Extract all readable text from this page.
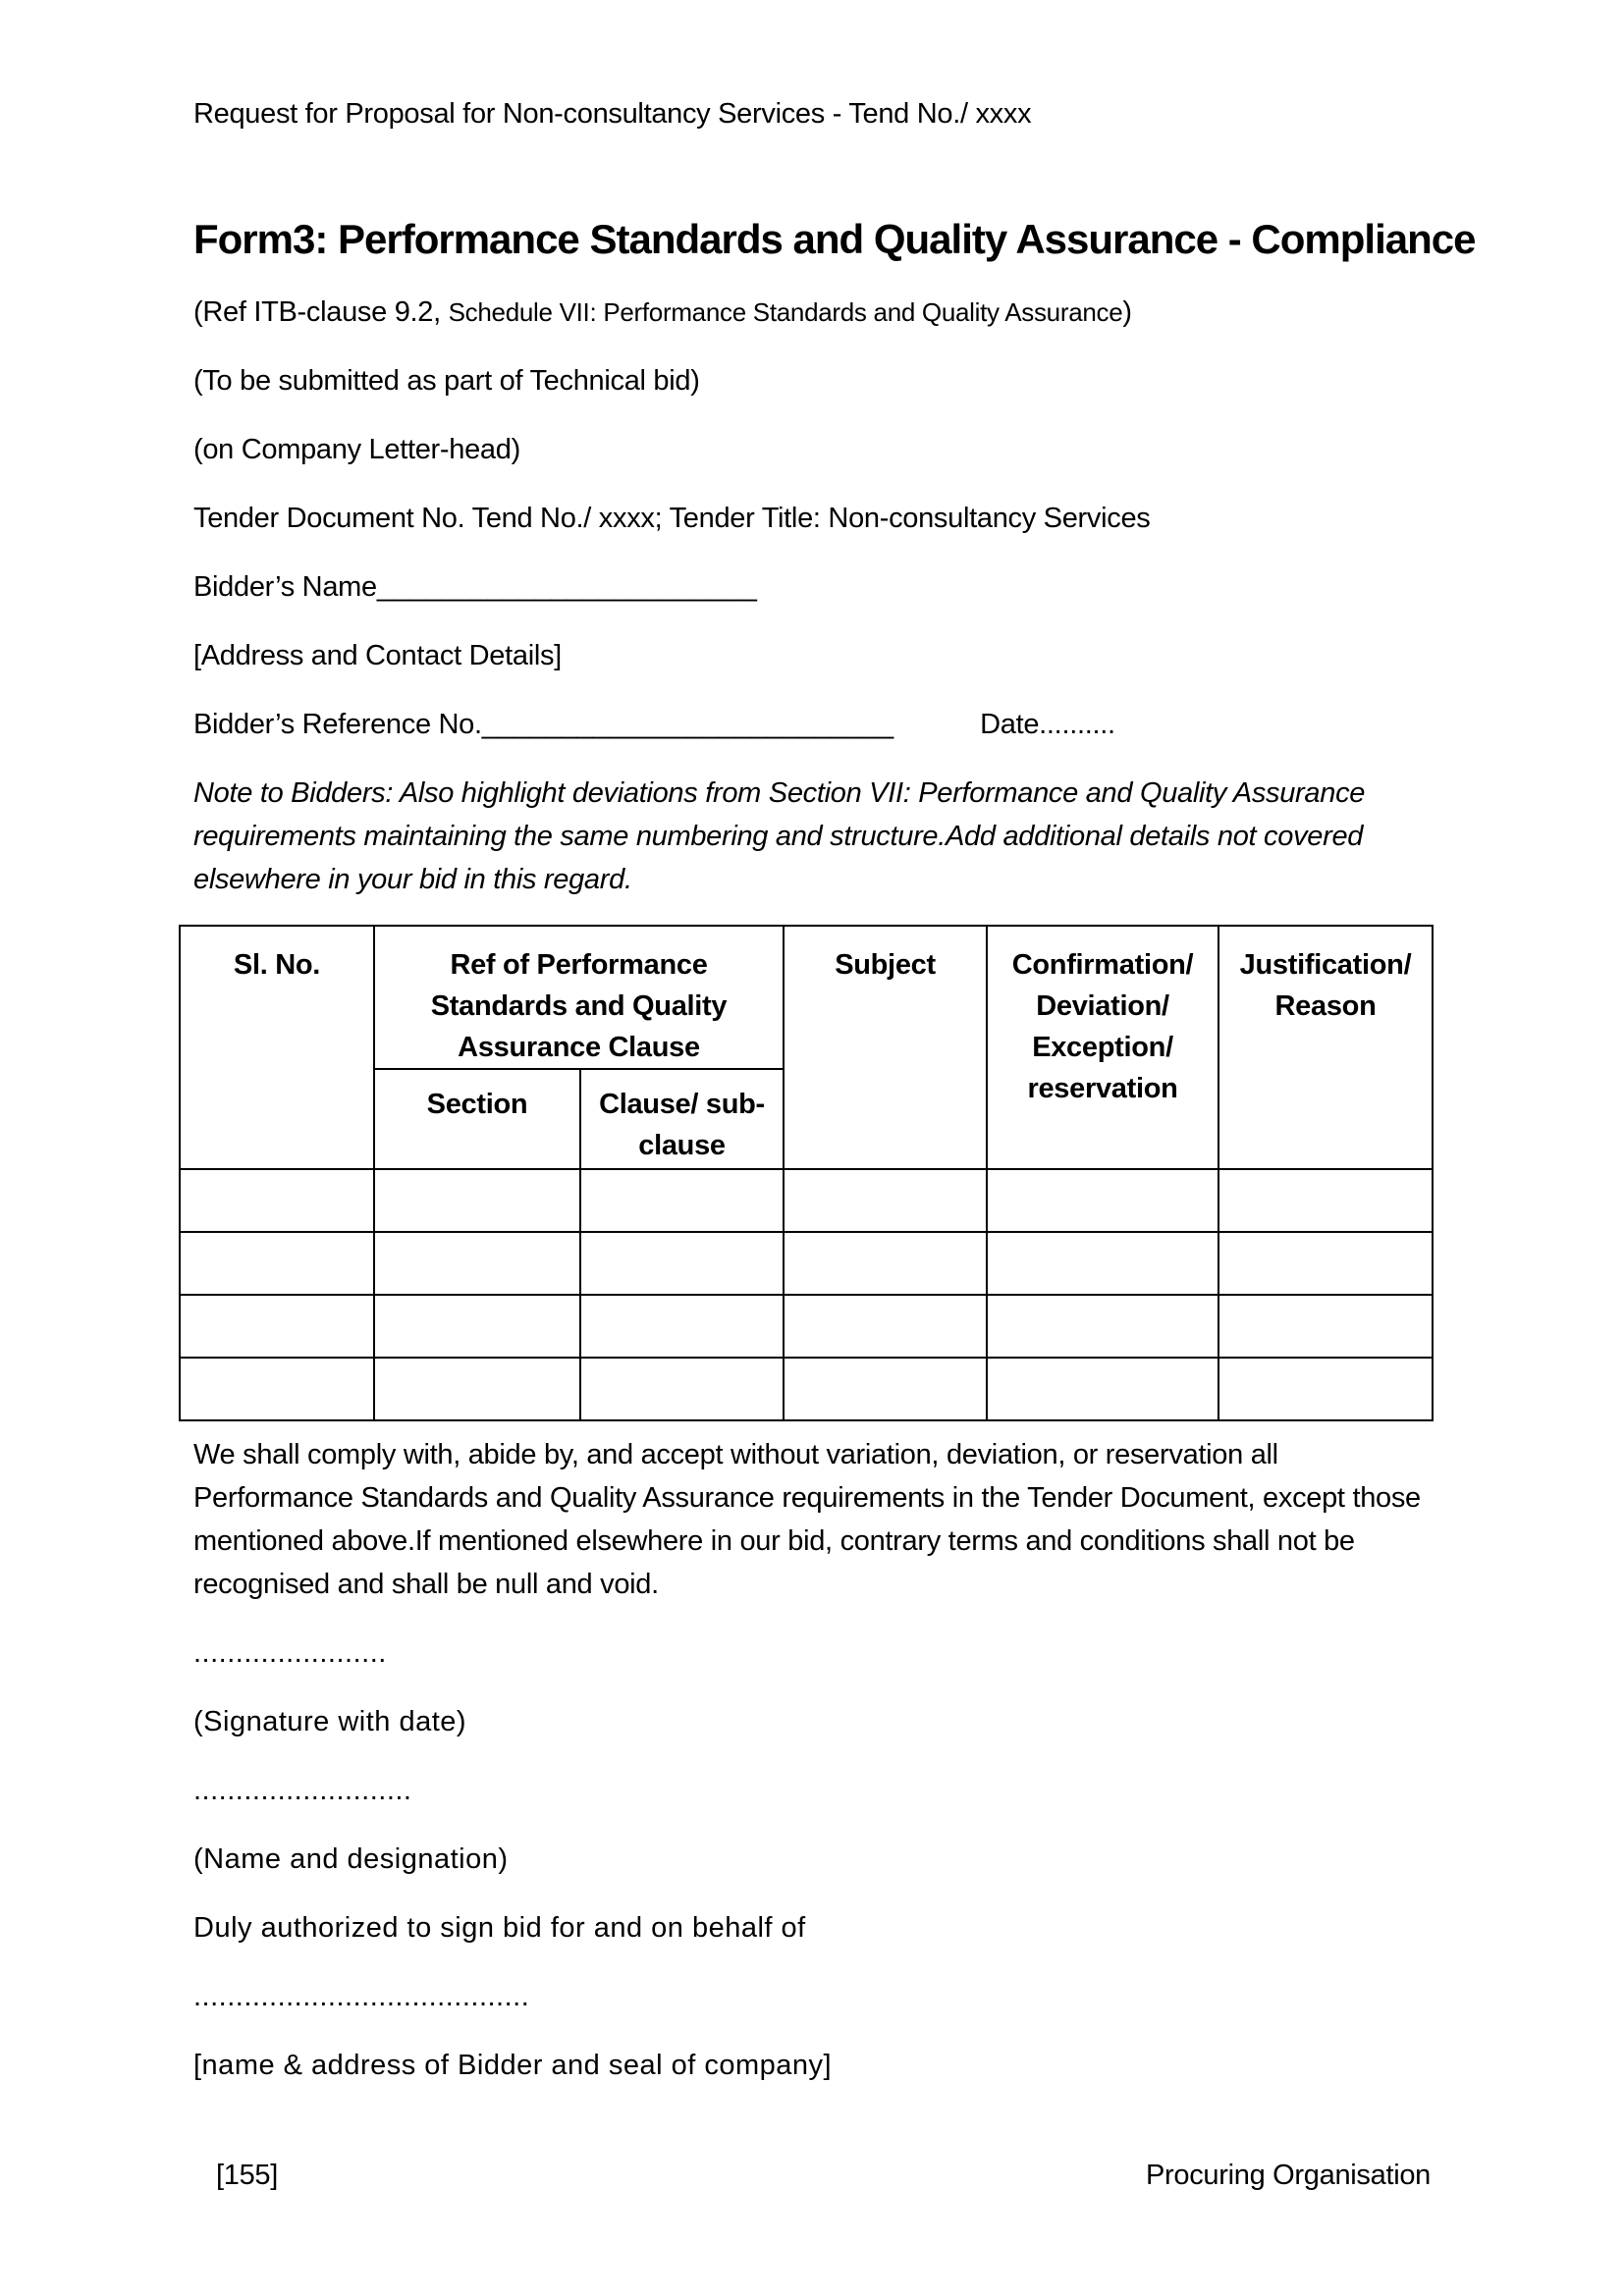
Request for Proposal for Non-consultancy Services - Tend No./ xxxx
Form3: Performance Standards and Quality Assurance - Compliance

(Ref ITB-clause 9.2, Schedule VII: Performance Standards and Quality Assurance)

(To be submitted as part of Technical bid)

(on Company Letter-head)

Tender Document No. Tend No./ xxxx; Tender Title: Non-consultancy Services

Bidder’s Name________________________

[Address and Contact Details]

Bidder’s Reference No.__________________________	Date..........

Note to Bidders: Also highlight deviations from Section VII: Performance and Quality Assurance requirements maintaining the same numbering and structure.Add additional details not covered elsewhere in your bid in this regard.

Sl. No.	Ref of Performance Standards and Quality Assurance Clause		Subject	Confirmation/ Deviation/ Exception/ reservation	Justification/ Reason
	Section	Clause/ sub-clause			

We shall comply with, abide by, and accept without variation, deviation, or reservation all Performance Standards and Quality Assurance requirements in the Tender Document, except those mentioned above.If mentioned elsewhere in our bid, contrary terms and conditions shall not be recognised and shall be null and void.

.......................

(Signature with date)

..........................

(Name and designation)

Duly authorized to sign bid for and on behalf of

........................................

[name & address of Bidder and seal of company]

[155]	Procuring Organisation
